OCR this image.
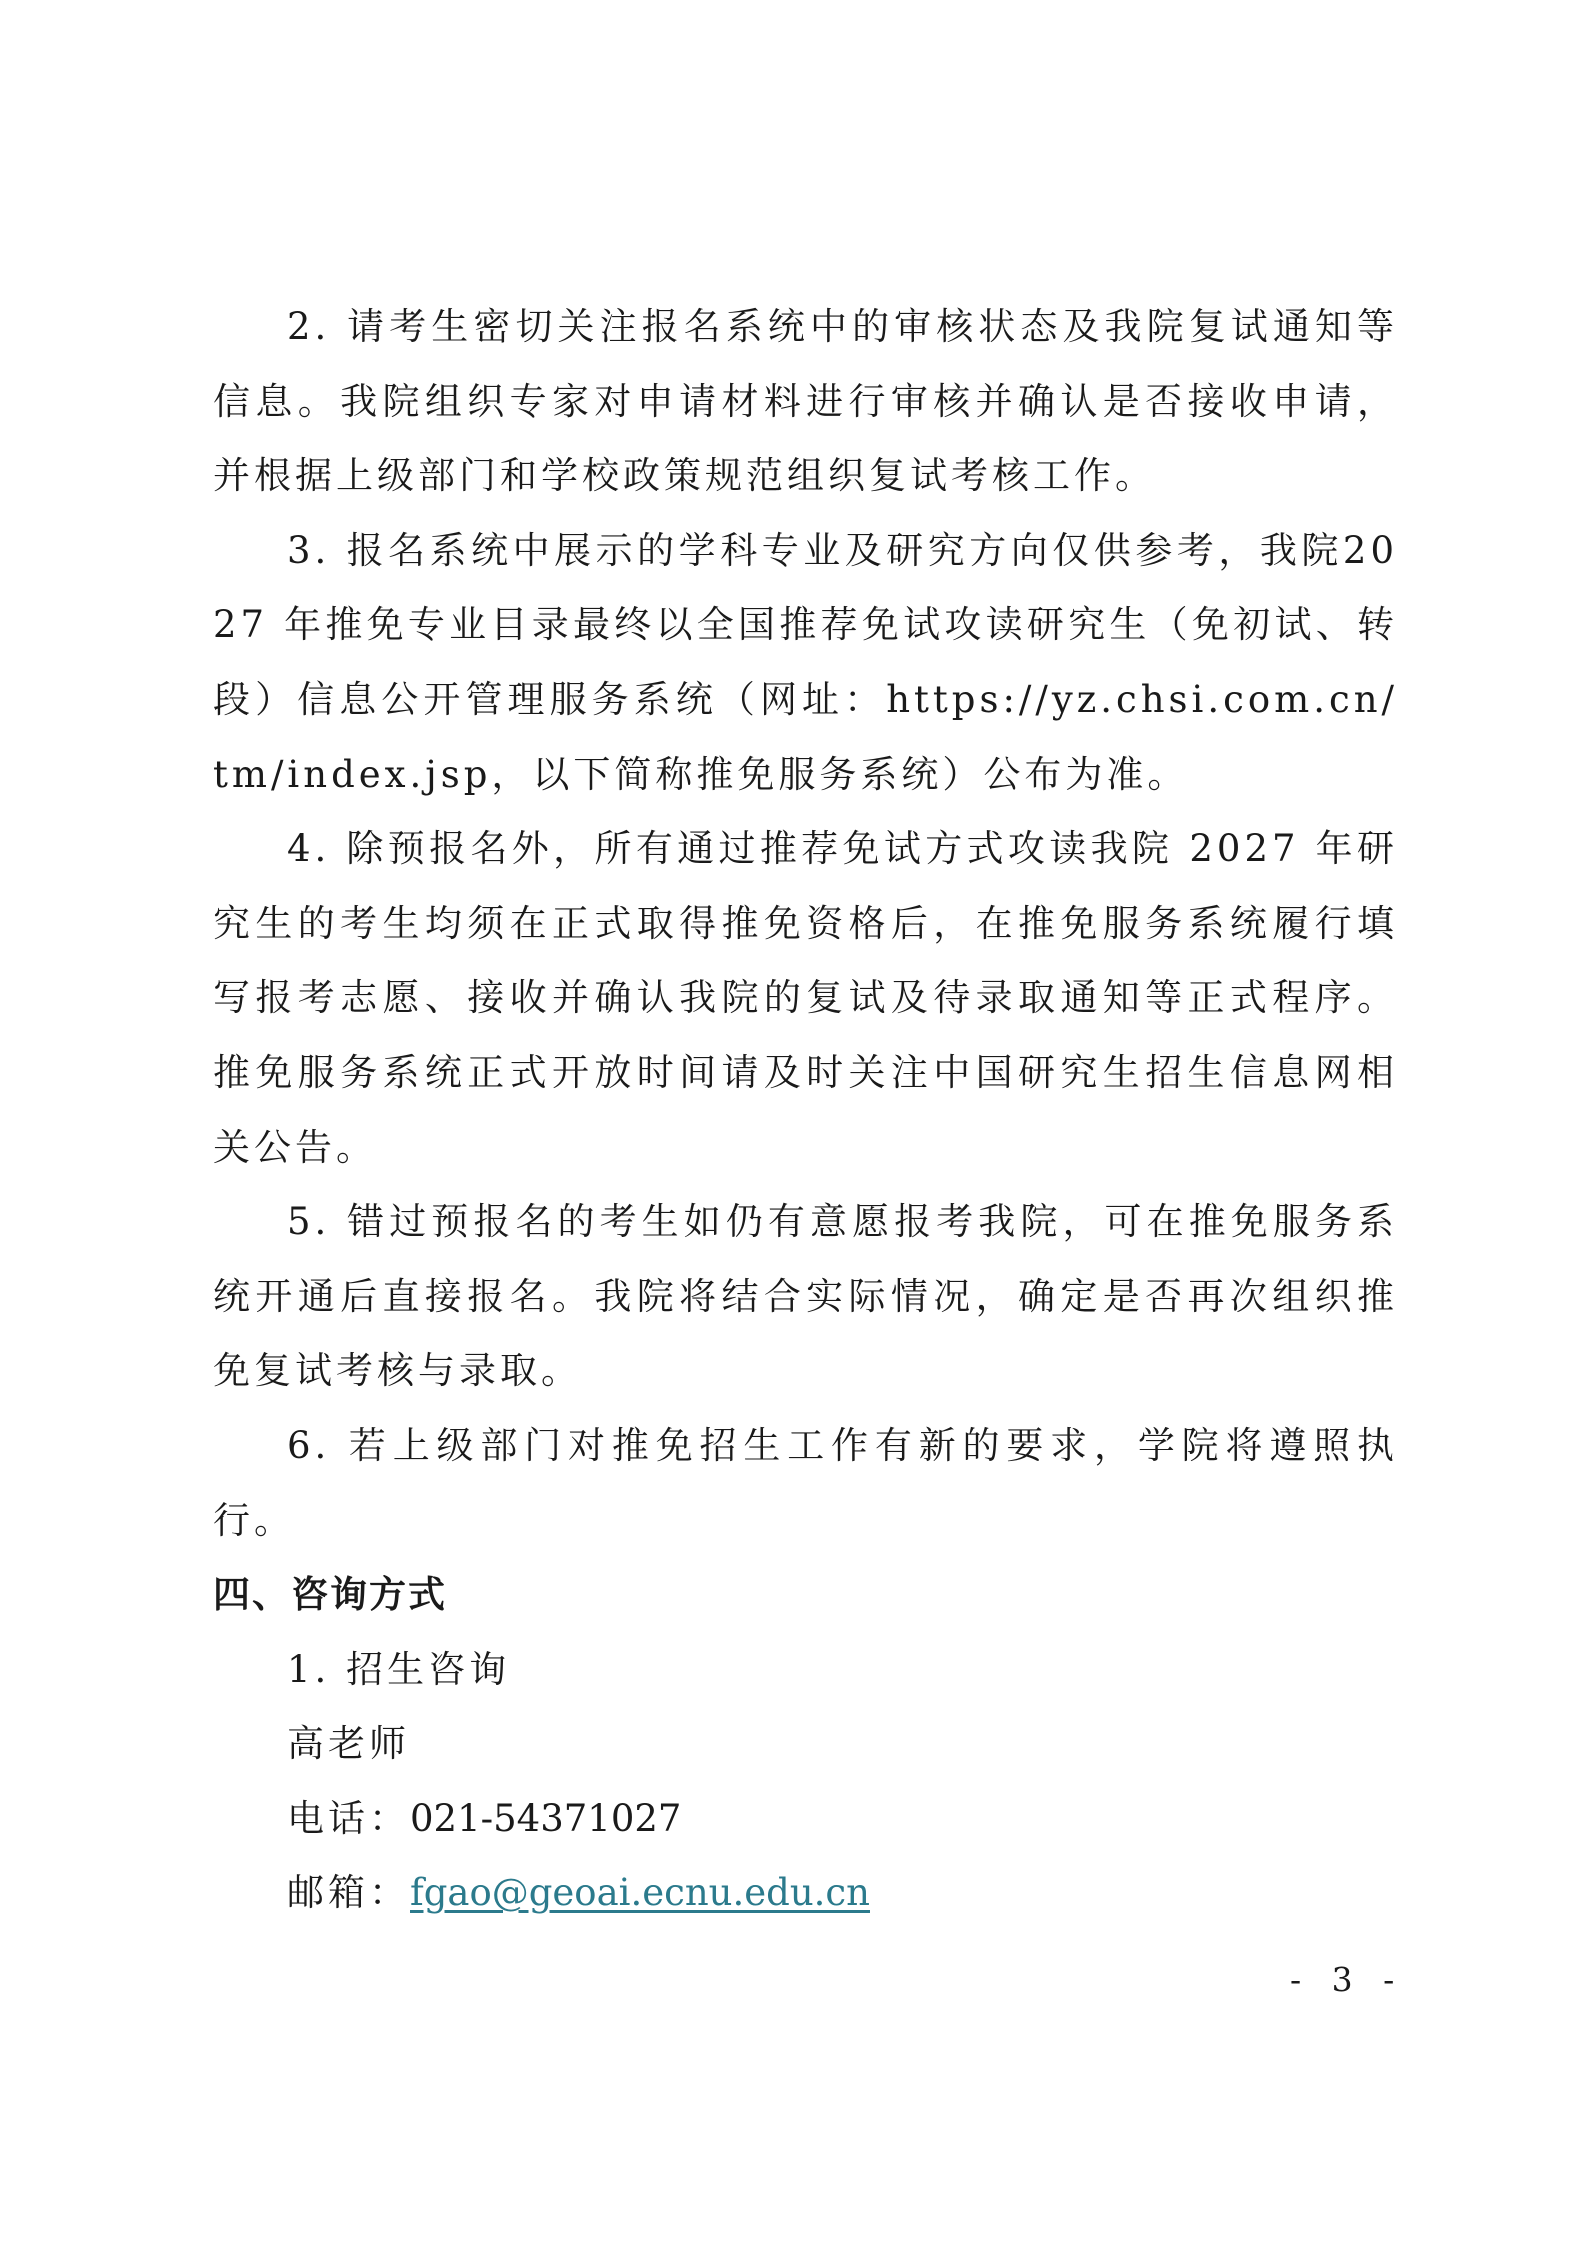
2. 请考生密切关注报名系统中的审核状态及我院复试通知等信息。我院组织专家对申请材料进行审核并确认是否接收申请，并根据上级部门和学校政策规范组织复试考核工作。

3. 报名系统中展示的学科专业及研究方向仅供参考，我院2027 年推免专业目录最终以全国推荐免试攻读研究生（免初试、转段）信息公开管理服务系统（网址：https://yz.chsi.com.cn/tm/index.jsp，以下简称推免服务系统）公布为准。

4. 除预报名外，所有通过推荐免试方式攻读我院 2027 年研究生的考生均须在正式取得推免资格后，在推免服务系统履行填写报考志愿、接收并确认我院的复试及待录取通知等正式程序。推免服务系统正式开放时间请及时关注中国研究生招生信息网相关公告。

5. 错过预报名的考生如仍有意愿报考我院，可在推免服务系统开通后直接报名。我院将结合实际情况，确定是否再次组织推免复试考核与录取。

6. 若上级部门对推免招生工作有新的要求，学院将遵照执行。

四、咨询方式

1. 招生咨询

高老师

电话：021-54371027

邮箱：fgao@geoai.ecnu.edu.cn

- 3 -
